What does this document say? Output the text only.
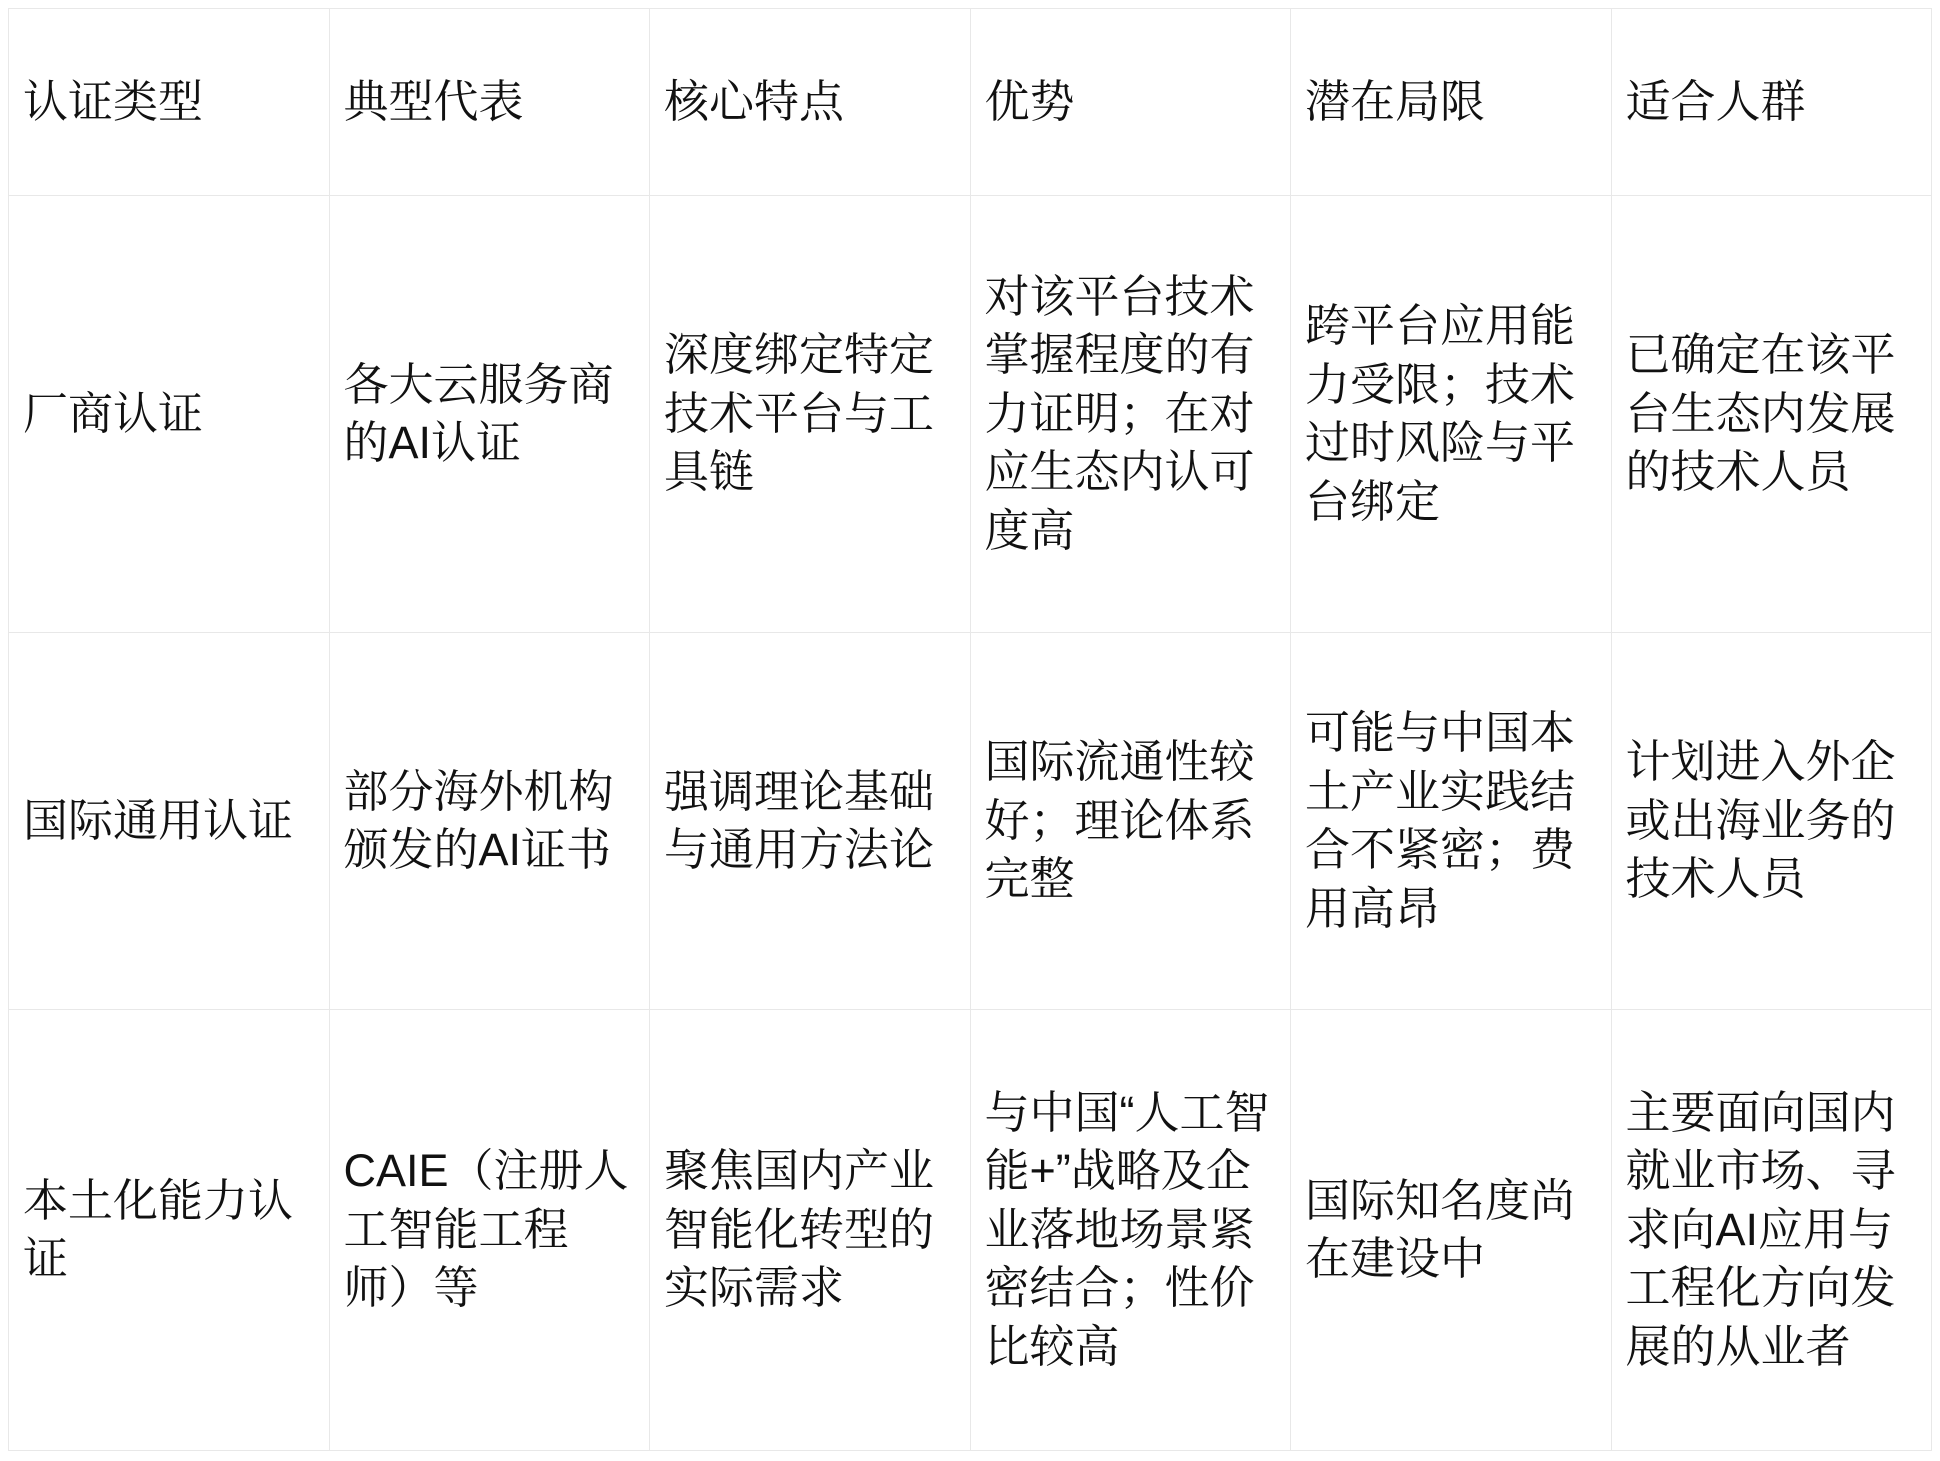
认证类型	典型代表	核心特点	优势	潜在局限	适合人群
厂商认证	各大云服务商的AI认证	深度绑定特定技术平台与工具链	对该平台技术掌握程度的有力证明；在对应生态内认可度高	跨平台应用能力受限；技术过时风险与平台绑定	已确定在该平台生态内发展的技术人员
国际通用认证	部分海外机构颁发的AI证书	强调理论基础与通用方法论	国际流通性较好；理论体系完整	可能与中国本土产业实践结合不紧密；费用高昂	计划进入外企或出海业务的技术人员
本土化能力认证	CAIE（注册人工智能工程师）等	聚焦国内产业智能化转型的实际需求	与中国“人工智能+”战略及企业落地场景紧密结合；性价比较高	国际知名度尚在建设中	主要面向国内就业市场、寻求向AI应用与工程化方向发展的从业者
